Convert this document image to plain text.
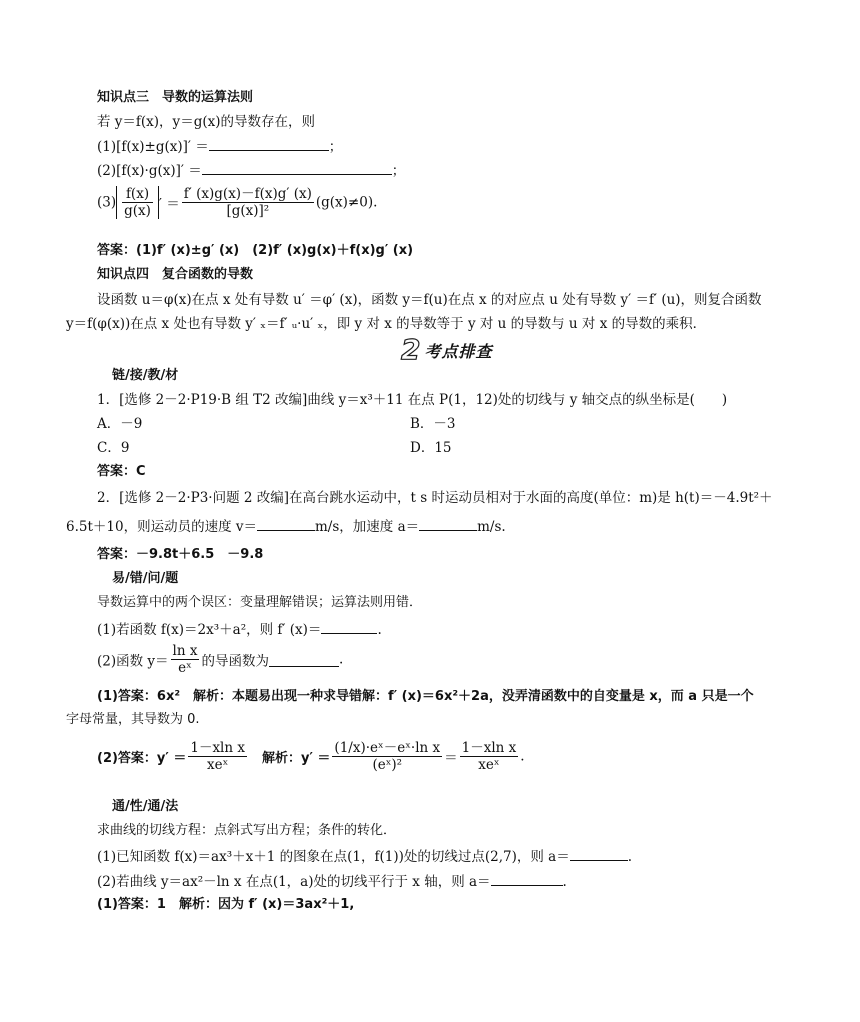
知识点三　导数的运算法则
若 y＝f(x)，y＝g(x)的导数存在，则
(1)[f(x)±g(x)]′ ＝	；
(2)[f(x)·g(x)]′ ＝	；
$(3) \frac{f(x)}{g(x)}$ ′ ＝ $\frac{f' (x)g(x)-f(x)g' (x)}{\text{[g(x)]²}} (g(x)\ne 0)$.
答案：(1)f′ (x)±g′ (x)　(2)f′ (x)g(x)＋f(x)g′ (x)
知识点四　复合函数的导数
设函数 u＝φ(x)在点 x 处有导数 u′ ＝φ′ (x)，函数 y＝f(u)在点 x 的对应点 u 处有导数 y′ ＝f′ (u)，则复合函数
y＝f(φ(x))在点 x 处也有导数 y′ ₓ＝f′ ᵤ·u′ ₓ，即 y 对 x 的导数等于 y 对 u 的导数与 u 对 x 的导数的乘积．
2 考点排查
链/接/教/材
1．[选修 2－2·P19·B 组 T2 改编]曲线 y＝x³＋11 在点 P(1，12)处的切线与 y 轴交点的纵坐标是(　　)
A．－9	B．－3
C．9	D．15
答案：C
2．[选修 2－2·P3·问题 2 改编]在高台跳水运动中，t s 时运动员相对于水面的高度(单位：m)是 h(t)＝－4.9t²＋
6.5t＋10，则运动员的速度 v＝	m/s，加速度 a＝	m/s.
答案：－9.8t＋6.5　－9.8
易/错/问/题
导数运算中的两个误区：变量理解错误；运算法则用错．
(1)若函数 f(x)＝2x³＋a²，则 f′ (x)＝	.
(2)函数 $y= \frac{\text{ln x}}{\text{eˣ}}$ 的导函数为	.
(1)答案：6x²　解析：本题易出现一种求导错解：f′ (x)＝6x²＋2a，没弄清函数中的自变量是 x，而 a 只是一个
字母常量，其导数为 0.
(2)答案：$y' = \frac{\text{1－xln x}}{\text{xeˣ}}$ 　解析：$y' = \frac{\text{(1/x)·eˣ－eˣ·ln x}}{\text{(eˣ)²}} = \frac{\text{1－xln x}}{\text{xeˣ}}$ .
通/性/通/法
求曲线的切线方程：点斜式写出方程；条件的转化．
(1)已知函数 f(x)＝ax³＋x＋1 的图象在点(1，f(1))处的切线过点(2,7)，则 a＝	.
(2)若曲线 y＝ax²－ln x 在点(1，a)处的切线平行于 x 轴，则 a＝	.
(1)答案：1　解析：因为 f′ (x)＝3ax²＋1,
